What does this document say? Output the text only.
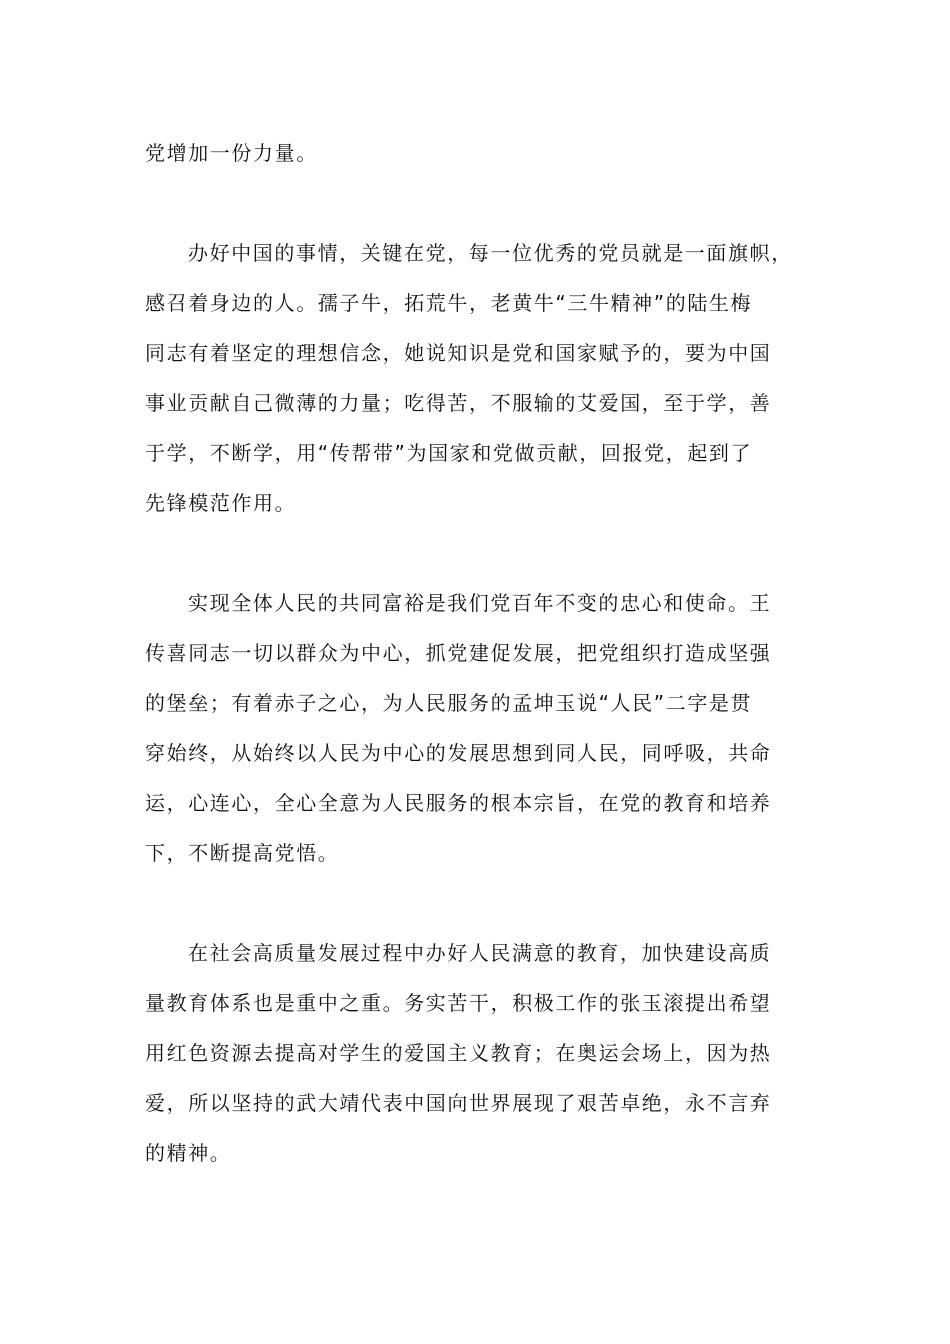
党增加一份力量。

办好中国的事情，关键在党，每一位优秀的党员就是一面旗帜，
感召着身边的人。孺子牛，拓荒牛，老黄牛“三牛精神”的陆生梅
同志有着坚定的理想信念，她说知识是党和国家赋予的，要为中国
事业贡献自己微薄的力量；吃得苦，不服输的艾爱国，至于学，善
于学，不断学，用“传帮带”为国家和党做贡献，回报党，起到了
先锋模范作用。

实现全体人民的共同富裕是我们党百年不变的忠心和使命。王
传喜同志一切以群众为中心，抓党建促发展，把党组织打造成坚强
的堡垒；有着赤子之心，为人民服务的孟坤玉说“人民”二字是贯
穿始终，从始终以人民为中心的发展思想到同人民，同呼吸，共命
运，心连心，全心全意为人民服务的根本宗旨，在党的教育和培养
下，不断提高党悟。

在社会高质量发展过程中办好人民满意的教育，加快建设高质
量教育体系也是重中之重。务实苦干，积极工作的张玉滚提出希望
用红色资源去提高对学生的爱国主义教育；在奥运会场上，因为热
爱，所以坚持的武大靖代表中国向世界展现了艰苦卓绝，永不言弃
的精神。
